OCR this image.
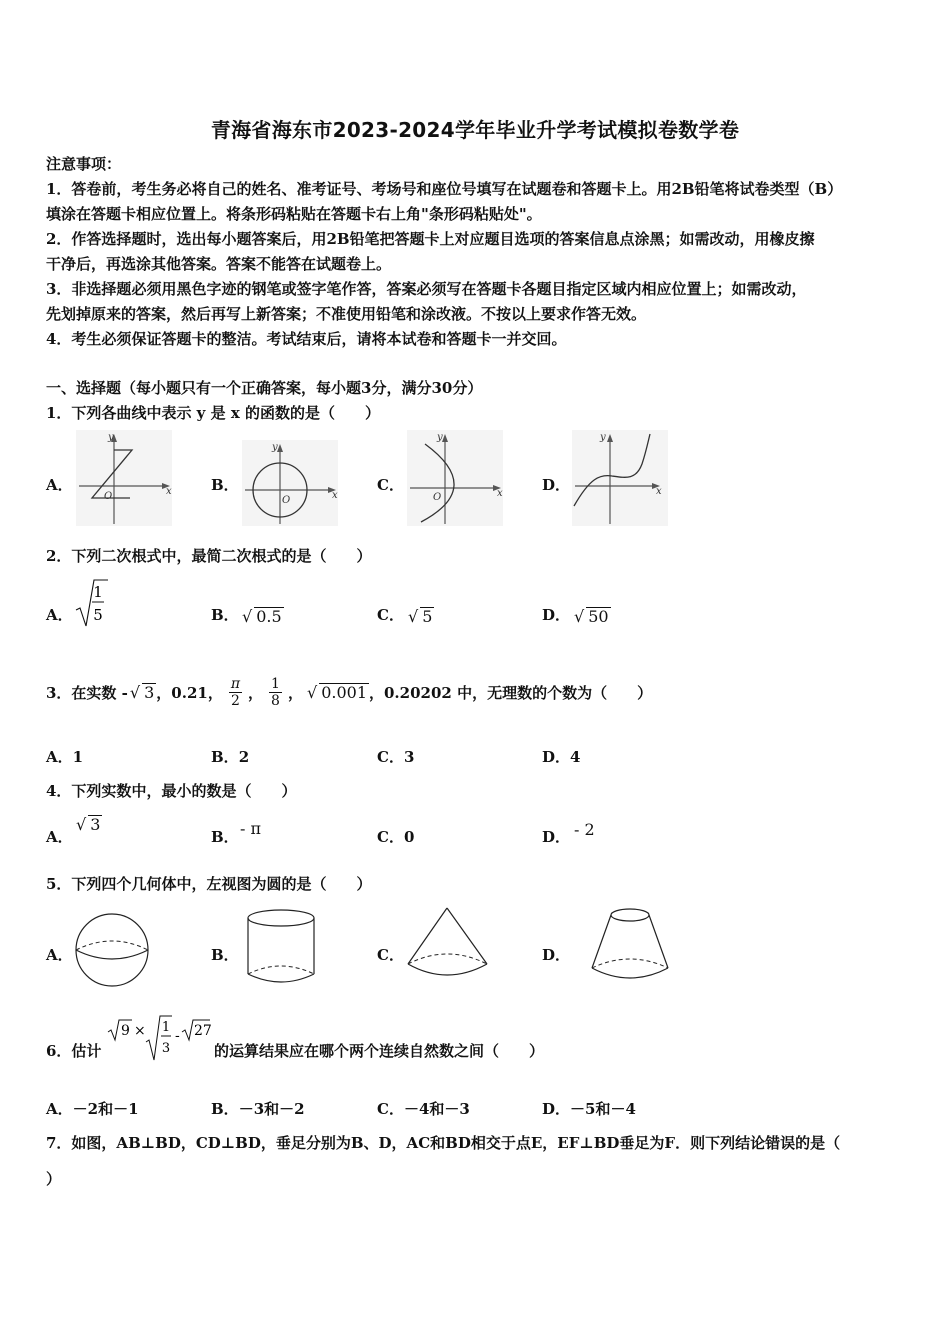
青海省海东市2023-2024学年毕业升学考试模拟卷数学卷
注意事项：
1．答卷前，考生务必将自己的姓名、准考证号、考场号和座位号填写在试题卷和答题卡上。用2B铅笔将试卷类型（B）
填涂在答题卡相应位置上。将条形码粘贴在答题卡右上角"条形码粘贴处"。
2．作答选择题时，选出每小题答案后，用2B铅笔把答题卡上对应题目选项的答案信息点涂黑；如需改动，用橡皮擦
干净后，再选涂其他答案。答案不能答在试题卷上。
3．非选择题必须用黑色字迹的钢笔或签字笔作答，答案必须写在答题卡各题目指定区域内相应位置上；如需改动，
先划掉原来的答案，然后再写上新答案；不准使用铅笔和涂改液。不按以上要求作答无效。
4．考生必须保证答题卡的整洁。考试结束后，请将本试卷和答题卡一并交回。
一、选择题（每小题只有一个正确答案，每小题3分，满分30分）
1．下列各曲线中表示 y 是 x 的函数的是（　　）
A．	B．	C．	D．
y
x
O
y
x
O
y
x
O
y
x
2．下列二次根式中，最简二次根式的是（　　）
A．
1
5	B． √ 0.5	C． √ 5	D． √ 50
3．在实数 - √ 3 ，0.21， $\frac{\pi}{2}$ ， $\frac{1}{8}$ ， √ 0.001 ，0.20202 中，无理数的个数为（　　）
A．1	B．2	C．3	D．4
4．下列实数中，最小的数是（　　）
A．
√ 3
B． - π	C．0	D． - 2
5．下列四个几何体中，左视图为圆的是（　　）
A．	B．	C．	D．
6．估计
9 × 1
3
- 27
的运算结果应在哪个两个连续自然数之间（　　）
A．－2和－1	B．－3和－2	C．－4和－3	D．－5和－4
7．如图，AB⊥BD，CD⊥BD，垂足分别为B、D，AC和BD相交于点E，EF⊥BD垂足为F．则下列结论错误的是（
）
